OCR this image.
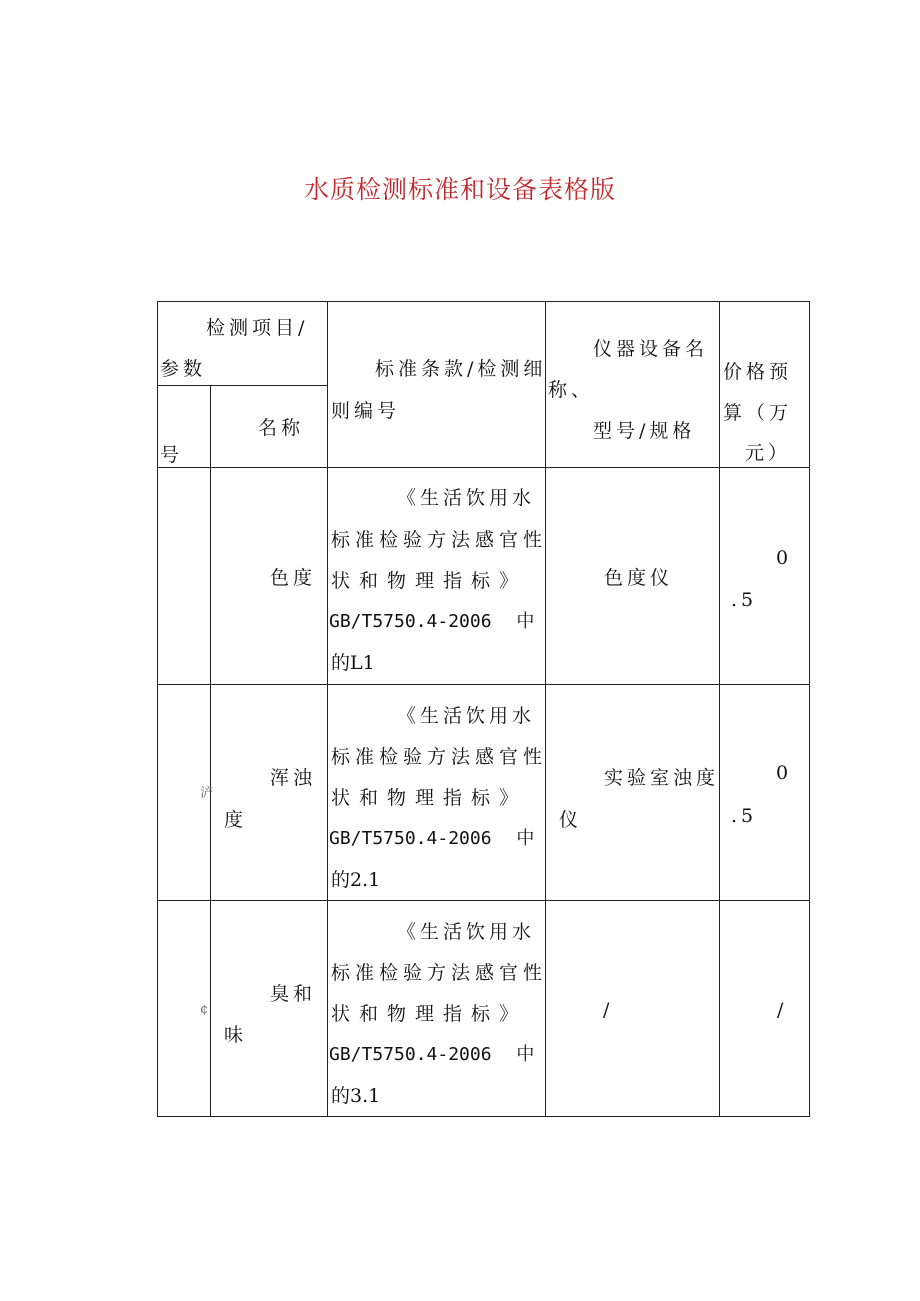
水质检测标准和设备表格版
检测项目/
参数
号
名称
标准条款/检测细
则编号
仪器设备名
称、
型号/规格
价格预
算（万
元）
色度
《生活饮用水
标准检验方法感官性
状和物理指标》
GB/T5750.4-2006 中
的L1
色度仪
0
.5
浐
浑浊
度
《生活饮用水
标准检验方法感官性
状和物理指标》
GB/T5750.4-2006 中
的2.1
实验室浊度
仪
0
.5
¢
臭和
味
《生活饮用水
标准检验方法感官性
状和物理指标》
GB/T5750.4-2006 中
的3.1
/	/
